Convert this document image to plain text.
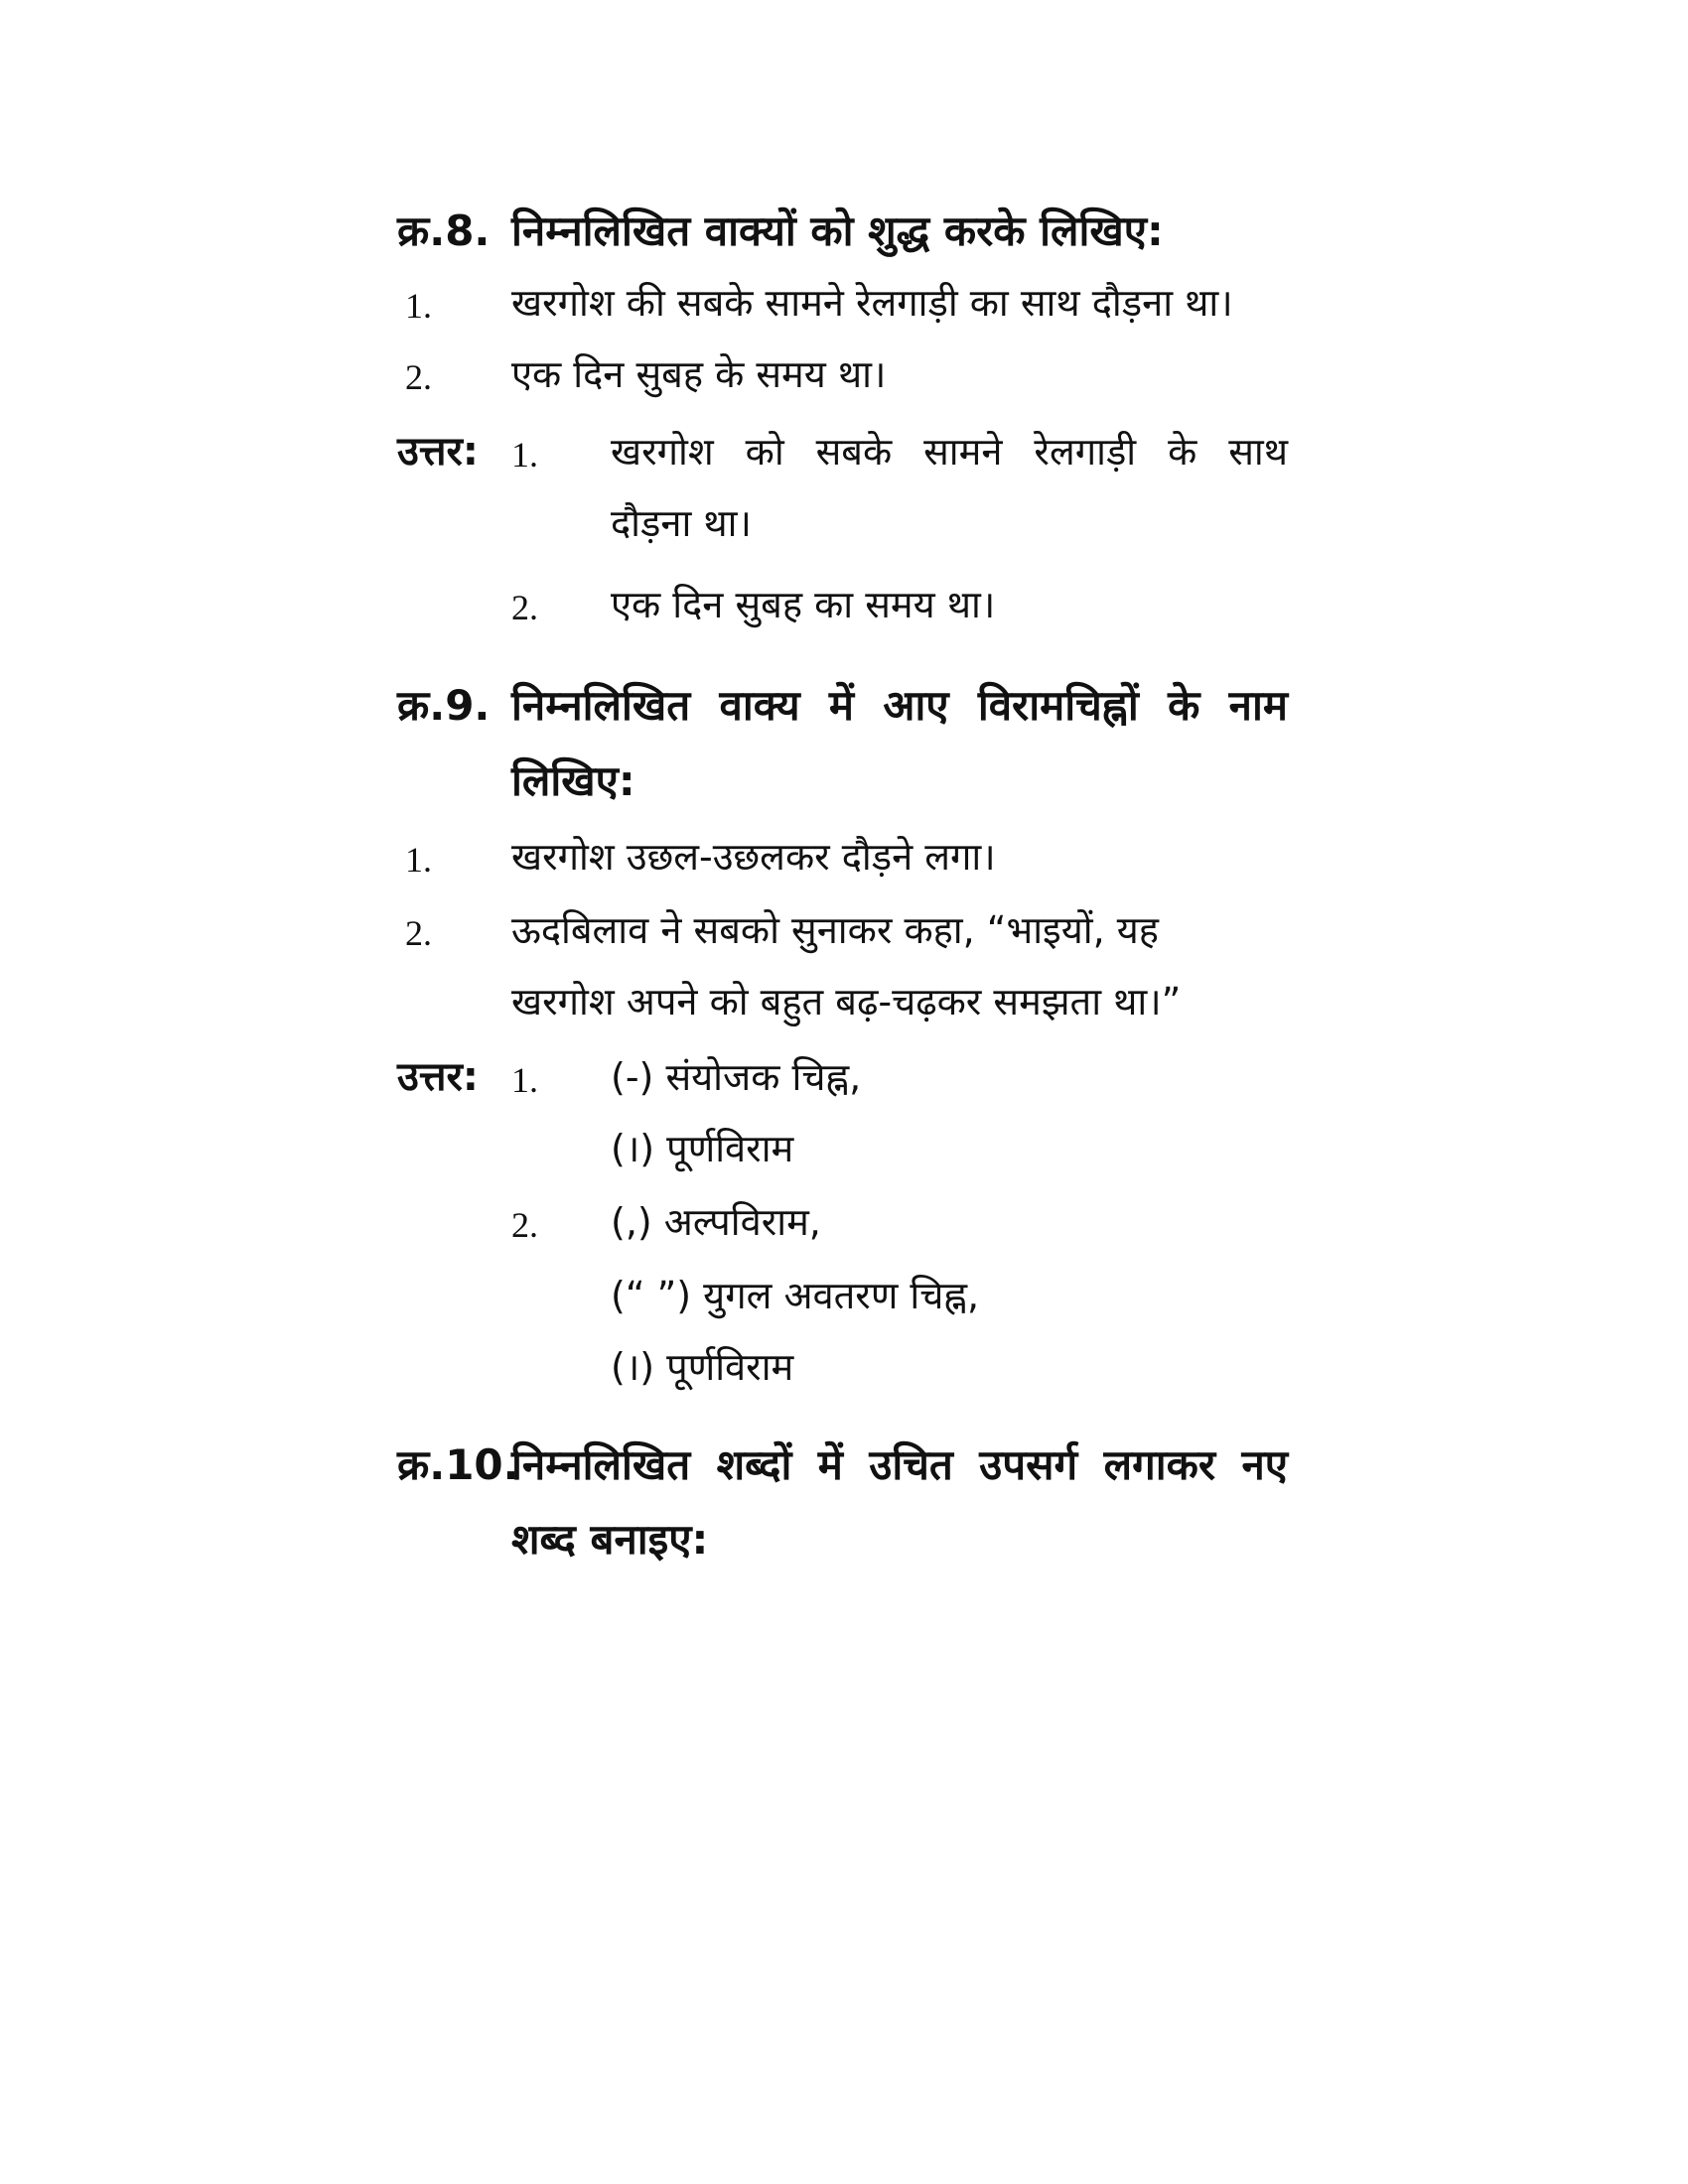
क्र.8. निम्नलिखित वाक्यों को शुद्ध करके लिखिए:
1. खरगोश की सबके सामने रेलगाड़ी का साथ दौड़ना था।
2. एक दिन सुबह के समय था।
उत्तर: 1. खरगोश को सबके सामने रेलगाड़ी के साथ
दौड़ना था।
2. एक दिन सुबह का समय था।
क्र.9. निम्नलिखित वाक्य में आए विरामचिह्नों के नाम
लिखिए:
1. खरगोश उछल-उछलकर दौड़ने लगा।
2. ऊदबिलाव ने सबको सुनाकर कहा, “भाइयों, यह
खरगोश अपने को बहुत बढ़-चढ़कर समझता था।”
उत्तर: 1. (-) संयोजक चिह्न,
(।) पूर्णविराम
2. (,) अल्पविराम,
(“ ”) युगल अवतरण चिह्न,
(।) पूर्णविराम
क्र.10.
निम्नलिखित शब्दों में उचित उपसर्ग लगाकर नए
शब्द बनाइए:
